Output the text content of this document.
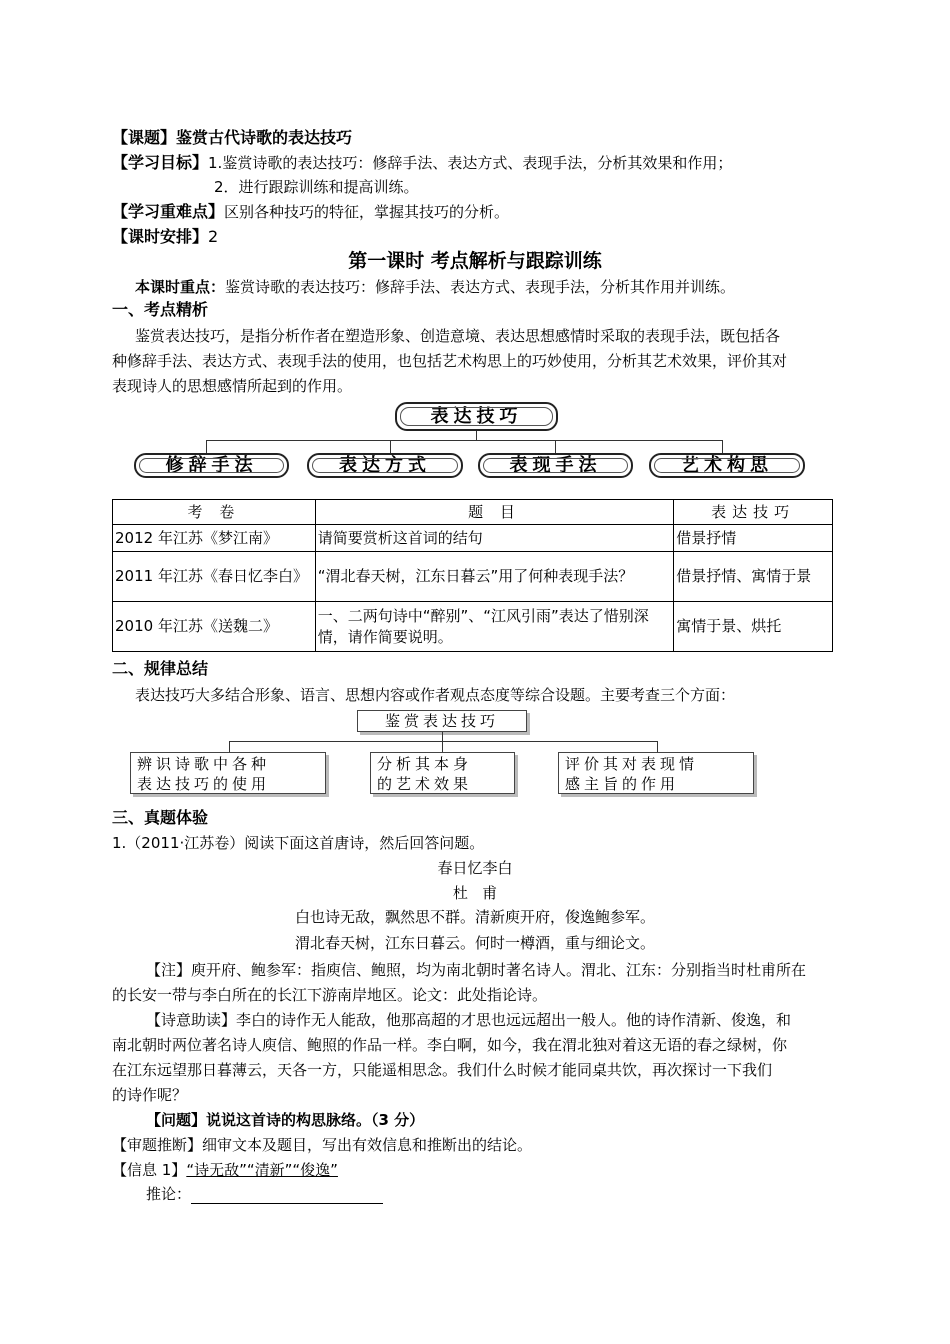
【课题】鉴赏古代诗歌的表达技巧
【学习目标】1.鉴赏诗歌的表达技巧：修辞手法、表达方式、表现手法，分析其效果和作用；
2．进行跟踪训练和提高训练。
【学习重难点】区别各种技巧的特征，掌握其技巧的分析。
【课时安排】2
第一课时 考点解析与跟踪训练
本课时重点：鉴赏诗歌的表达技巧：修辞手法、表达方式、表现手法，分析其作用并训练。
一、考点精析
鉴赏表达技巧，是指分析作者在塑造形象、创造意境、表达思想感情时采取的表现手法，既包括各
种修辞手法、表达方式、表现手法的使用，也包括艺术构思上的巧妙使用，分析其艺术效果，评价其对
表现诗人的思想感情所起到的作用。
表达技巧
修辞手法	表达方式	表现手法	艺术构思
考 卷	题 目	表达技巧
2012 年江苏《梦江南》	请简要赏析这首词的结句	借景抒情
2011 年江苏《春日忆李白》	“渭北春天树，江东日暮云”用了何种表现手法？	借景抒情、寓情于景
2010 年江苏《送魏二》	一、二两句诗中“醉别”、“江风引雨”表达了惜别深情，请作简要说明。	寓情于景、烘托
二、规律总结
表达技巧大多结合形象、语言、思想内容或作者观点态度等综合设题。主要考查三个方面：
鉴赏表达技巧
辨识诗歌中各种
表达技巧的使用
分析其本身
的艺术效果
评价其对表现情
感主旨的作用
三、真题体验
1.（2011·江苏卷）阅读下面这首唐诗，然后回答问题。
春日忆李白
杜   甫
白也诗无敌，飘然思不群。清新庾开府，俊逸鲍参军。
渭北春天树，江东日暮云。何时一樽酒，重与细论文。
【注】庾开府、鲍参军：指庾信、鲍照，均为南北朝时著名诗人。渭北、江东：分别指当时杜甫所在
的长安一带与李白所在的长江下游南岸地区。论文：此处指论诗。
【诗意助读】李白的诗作无人能敌，他那高超的才思也远远超出一般人。他的诗作清新、俊逸，和
南北朝时两位著名诗人庾信、鲍照的作品一样。李白啊，如今，我在渭北独对着这无语的春之绿树，你
在江东远望那日暮薄云，天各一方，只能遥相思念。我们什么时候才能同桌共饮，再次探讨一下我们
的诗作呢？
【问题】说说这首诗的构思脉络。（3 分）
【审题推断】细审文本及题目，写出有效信息和推断出的结论。
【信息 1】“诗无敌”“清新”“俊逸”
推论：
